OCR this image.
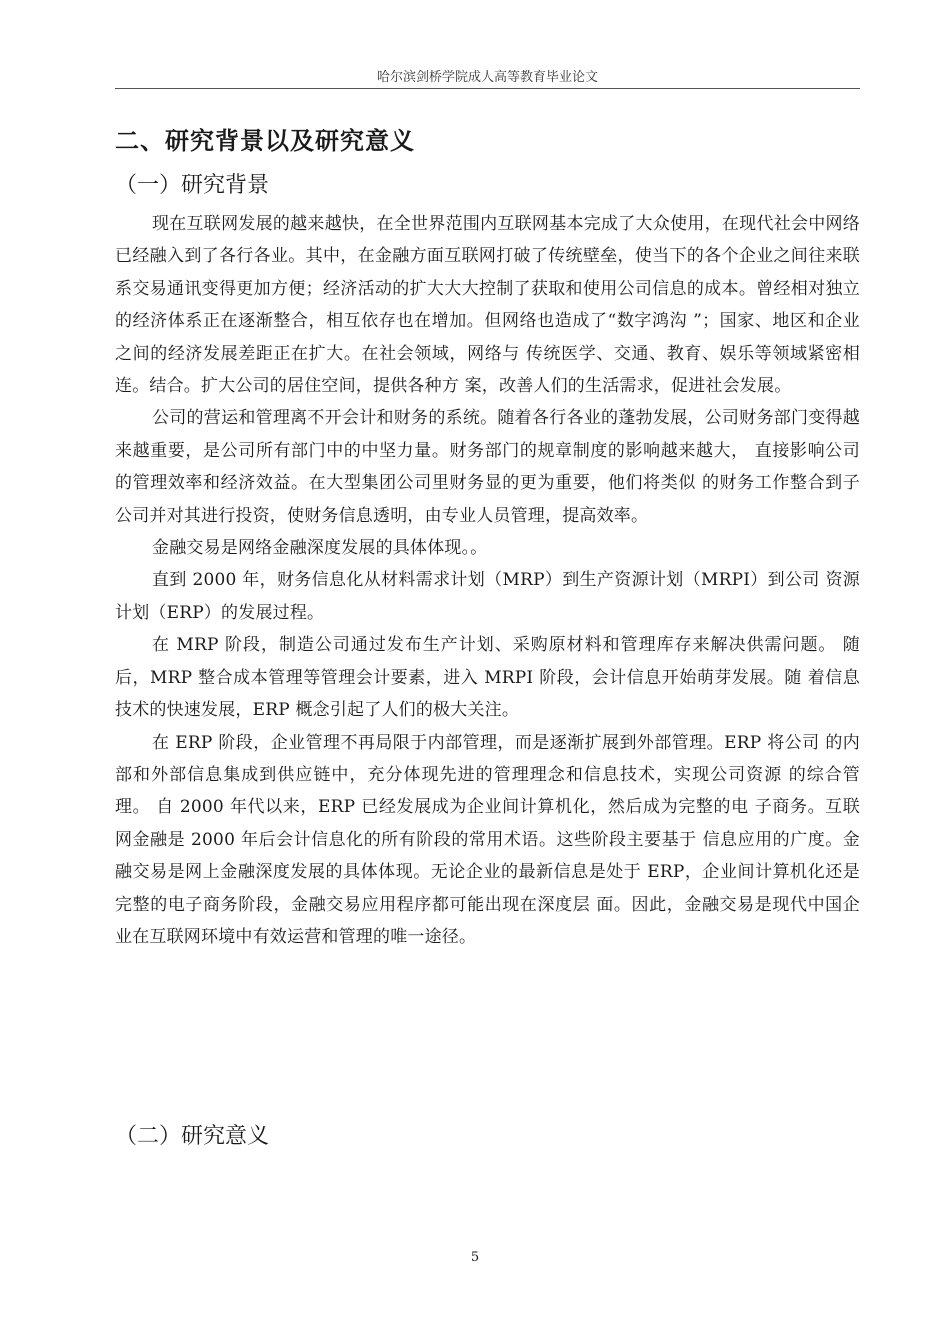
哈尔滨剑桥学院成人高等教育毕业论文
二、研究背景以及研究意义
（一）研究背景

现在互联网发展的越来越快，在全世界范围内互联网基本完成了大众使用，在现代社会中网络已经融入到了各行各业。其中，在金融方面互联网打破了传统壁垒，使当下的各个企业之间往来联系交易通讯变得更加方便；经济活动的扩大大大控制了获取和使用公司信息的成本。曾经相对独立的经济体系正在逐渐整合，相互依存也在增加。但网络也造成了“数字鸿沟 ”；国家、地区和企业之间的经济发展差距正在扩大。在社会领域，网络与 传统医学、交通、教育、娱乐等领域紧密相连。结合。扩大公司的居住空间，提供各种方 案，改善人们的生活需求，促进社会发展。

公司的营运和管理离不开会计和财务的系统。随着各行各业的蓬勃发展，公司财务部门变得越来越重要，是公司所有部门中的中坚力量。财务部门的规章制度的影响越来越大， 直接影响公司的管理效率和经济效益。在大型集团公司里财务显的更为重要，他们将类似 的财务工作整合到子公司并对其进行投资，使财务信息透明，由专业人员管理，提高效率。

金融交易是网络金融深度发展的具体体现。。

直到 2000 年，财务信息化从材料需求计划（MRP）到生产资源计划（MRPI）到公司 资源计划（ERP）的发展过程。

在 MRP 阶段，制造公司通过发布生产计划、采购原材料和管理库存来解决供需问题。 随后，MRP 整合成本管理等管理会计要素，进入 MRPI 阶段，会计信息开始萌芽发展。随 着信息技术的快速发展，ERP 概念引起了人们的极大关注。

在 ERP 阶段，企业管理不再局限于内部管理，而是逐渐扩展到外部管理。ERP 将公司 的内部和外部信息集成到供应链中，充分体现先进的管理理念和信息技术，实现公司资源 的综合管理。 自 2000 年代以来，ERP 已经发展成为企业间计算机化，然后成为完整的电 子商务。互联网金融是 2000 年后会计信息化的所有阶段的常用术语。这些阶段主要基于 信息应用的广度。金融交易是网上金融深度发展的具体体现。无论企业的最新信息是处于 ERP，企业间计算机化还是完整的电子商务阶段，金融交易应用程序都可能出现在深度层 面。因此，金融交易是现代中国企业在互联网环境中有效运营和管理的唯一途径。

（二）研究意义
5
